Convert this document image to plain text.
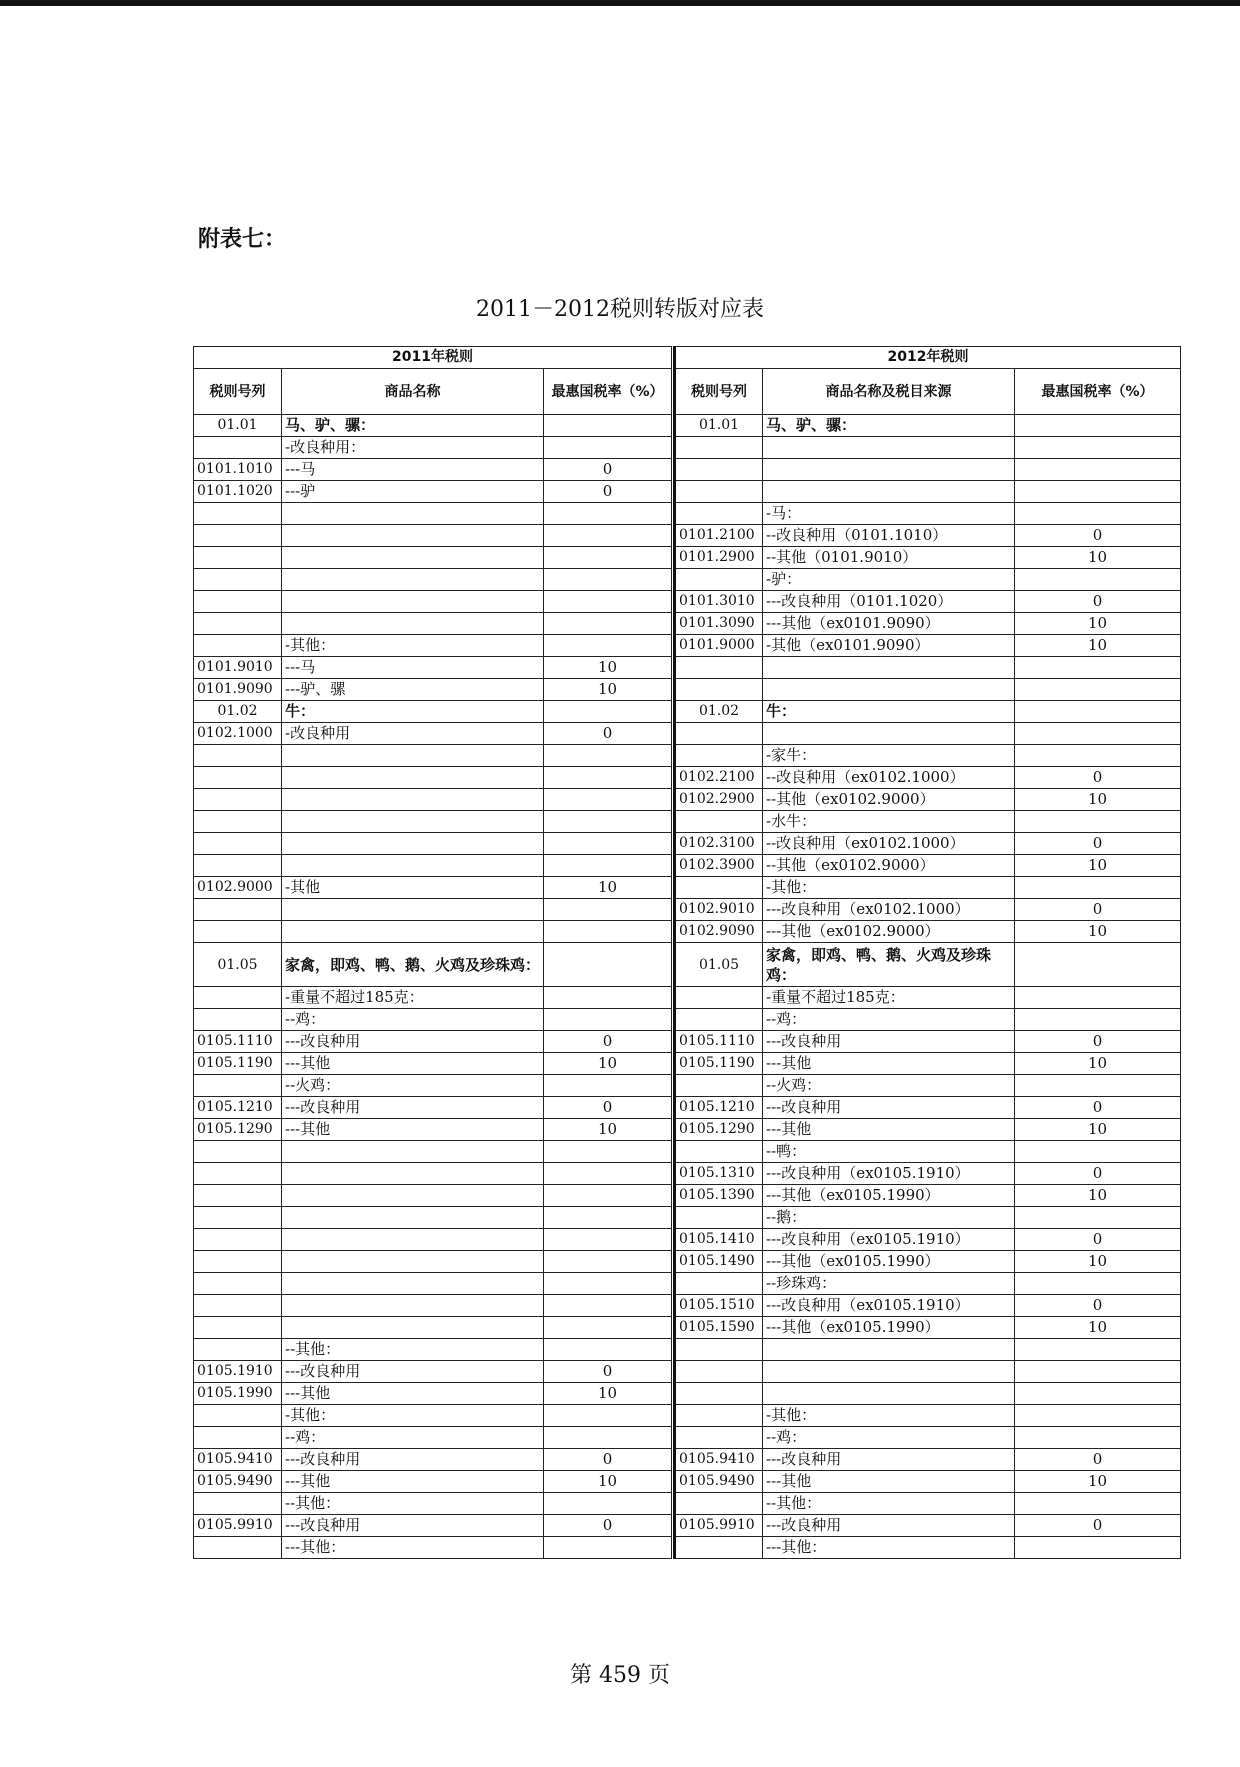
附表七：
2011－2012税则转版对应表
2011年税则		
税则号列	商品名称	最惠国税率（%）
01.01	马、驴、骡：	
	-改良种用：	
0101.1010	---马	0
0101.1020	---驴	0

	-其他：	
0101.9010	---马	10
0101.9090	---驴、骡	10
01.02	牛：	
0102.1000	-改良种用	0

0102.9000	-其他	10

01.05	家禽，即鸡、鸭、鹅、火鸡及珍珠鸡：	
	-重量不超过185克：	
	--鸡：	
0105.1110	---改良种用	0
0105.1190	---其他	10
	--火鸡：	
0105.1210	---改良种用	0
0105.1290	---其他	10

	--其他：	
0105.1910	---改良种用	0
0105.1990	---其他	10
	-其他：	
	--鸡：	
0105.9410	---改良种用	0
0105.9490	---其他	10
	--其他：	
0105.9910	---改良种用	0
	---其他：	
2012年税则		
税则号列	商品名称及税目来源	最惠国税率（%）
01.01	马、驴、骡：	

	-马：	
0101.2100	--改良种用（0101.1010）	0
0101.2900	--其他（0101.9010）	10
	-驴：	
0101.3010	---改良种用（0101.1020）	0
0101.3090	---其他（ex0101.9090）	10
0101.9000	-其他（ex0101.9090）	10

01.02	牛：	

	-家牛：	
0102.2100	--改良种用（ex0102.1000）	0
0102.2900	--其他（ex0102.9000）	10
	-水牛：	
0102.3100	--改良种用（ex0102.1000）	0
0102.3900	--其他（ex0102.9000）	10
	-其他：	
0102.9010	---改良种用（ex0102.1000）	0
0102.9090	---其他（ex0102.9000）	10
01.05	家禽，即鸡、鸭、鹅、火鸡及珍珠鸡：	
	-重量不超过185克：	
	--鸡：	
0105.1110	---改良种用	0
0105.1190	---其他	10
	--火鸡：	
0105.1210	---改良种用	0
0105.1290	---其他	10
	--鸭：	
0105.1310	---改良种用（ex0105.1910）	0
0105.1390	---其他（ex0105.1990）	10
	--鹅：	
0105.1410	---改良种用（ex0105.1910）	0
0105.1490	---其他（ex0105.1990）	10
	--珍珠鸡：	
0105.1510	---改良种用（ex0105.1910）	0
0105.1590	---其他（ex0105.1990）	10

	-其他：	
	--鸡：	
0105.9410	---改良种用	0
0105.9490	---其他	10
	--其他：	
0105.9910	---改良种用	0
	---其他：	
第 459 页
